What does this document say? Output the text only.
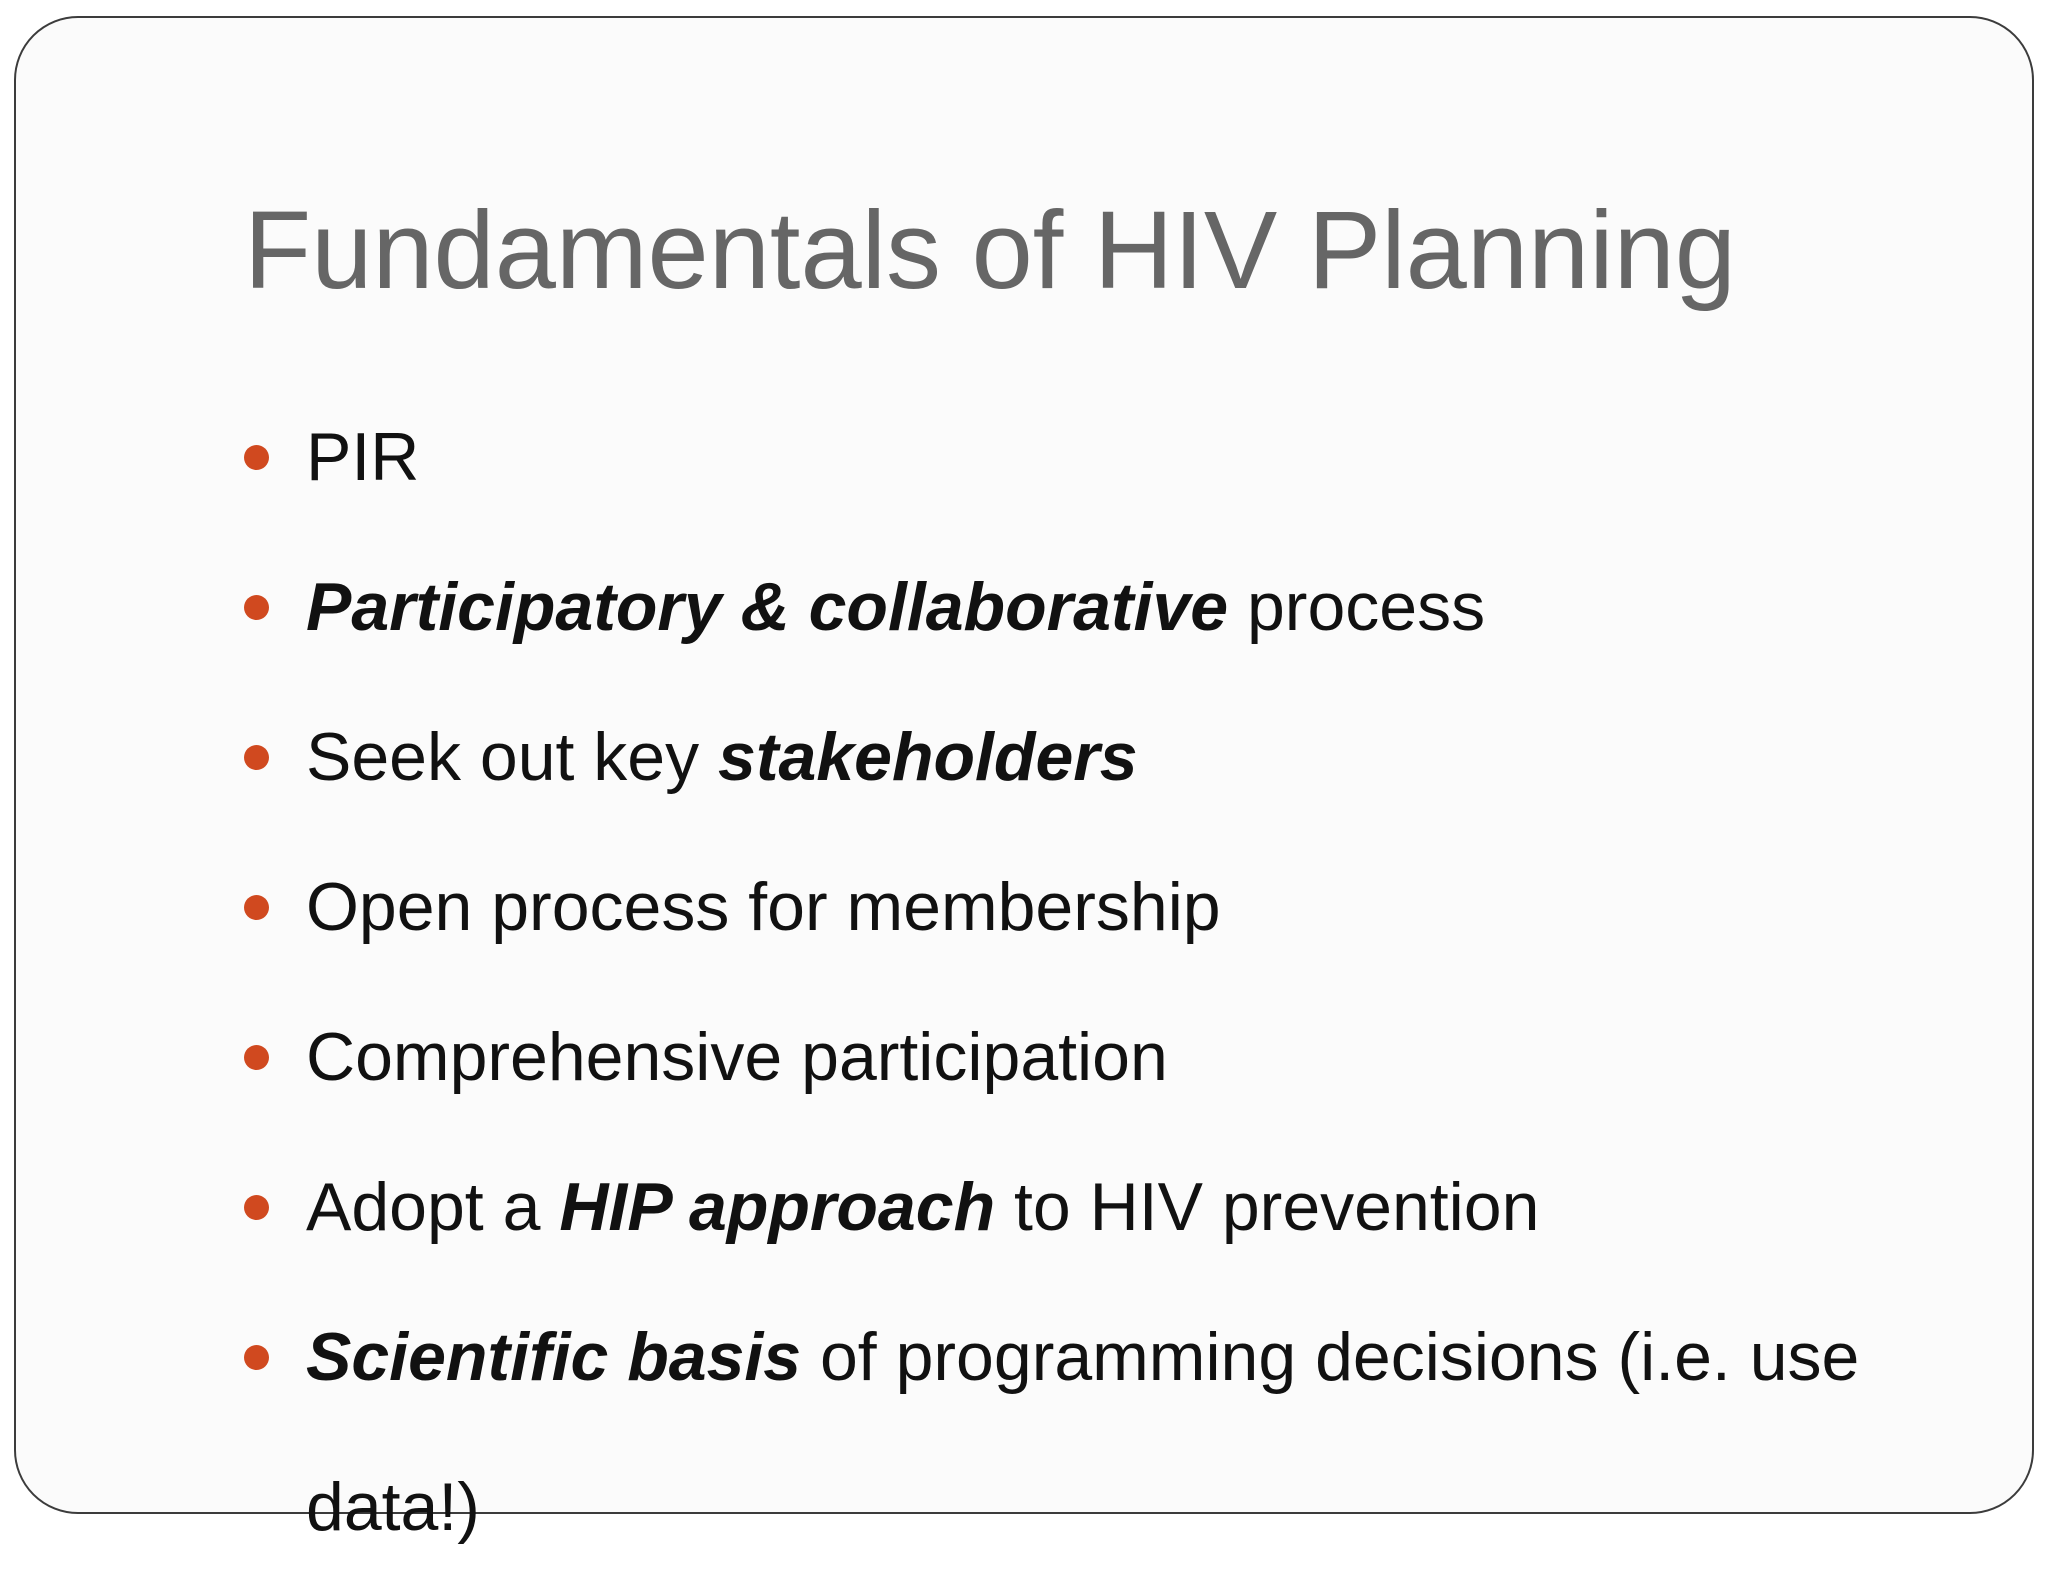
Fundamentals of HIV Planning
PIR
Participatory & collaborative process
Seek out key stakeholders
Open process for membership
Comprehensive participation
Adopt a HIP approach to HIV prevention
Scientific basis of programming decisions (i.e. use data!)
